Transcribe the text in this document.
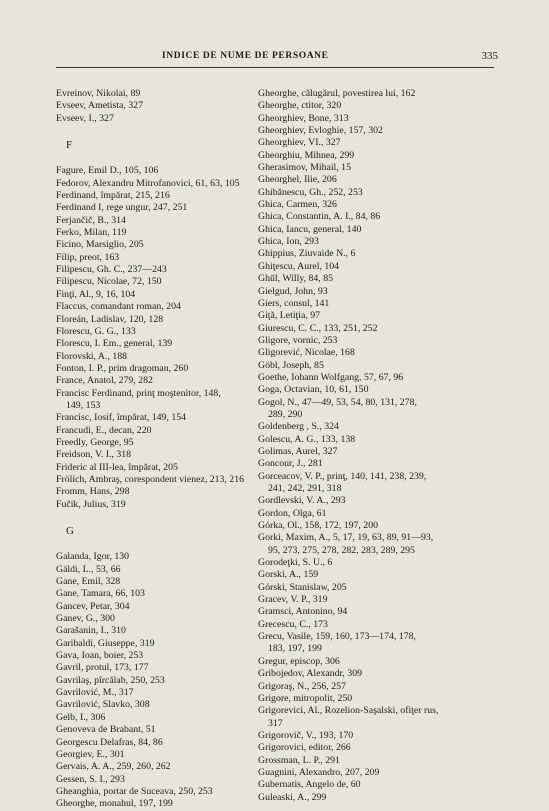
INDICE DE NUME DE PERSOANE	335
Evreinov, Nikolai, 89
Evseev, Ametista, 327
Evseev, I., 327
F
Fagure, Emil D., 105, 106
Fedorov, Alexandru Mitrofanovici, 61, 63, 105
Ferdinand, împărat, 215, 216
Ferdinand I, rege ungur, 247, 251
Ferjančič, B., 314
Ferko, Milan, 119
Ficino, Marsiglio, 205
Filip, preot, 163
Filipescu, Gh. C., 237—243
Filipescu, Nicolae, 72, 150
Finţi, Al., 9, 16, 104
Flaccus, comandant roman, 204
Floreán, Ladislav, 120, 128
Florescu, G. G., 133
Florescu, I. Em., general, 139
Florovski, A., 188
Fonton, I. P., prim dragoman, 260
France, Anatol, 279, 282
Francisc Ferdinand, prinţ moştenitor, 148,
149, 153
Francisc, Iosif, împărat, 149, 154
Francudi, E., decan, 220
Freedly, George, 95
Freidson, V. I., 318
Frideric al III-lea, împărat, 205
Frölich, Ambraş, corespondent vienez, 213, 216
Fromm, Hans, 298
Fučik, Julius, 319
G
Galanda, Igor, 130
Gáldi, L., 53, 66
Gane, Emil, 328
Gane, Tamara, 66, 103
Gancev, Petar, 304
Ganev, G., 300
Garašanin, I., 310
Garibaldi, Giuseppe, 319
Gava, Ioan, boier, 253
Gavril, protul, 173, 177
Gavrilaş, pîrcălab, 250, 253
Gavrilović, M., 317
Gavrilović, Slavko, 308
Gelb, I., 306
Genoveva de Brabant, 51
Georgescu Delafras, 84, 86
Georgiev, E., 301
Gervais, A. A., 259, 260, 262
Gessen, S. I., 293
Gheanghia, portar de Suceava, 250, 253
Gheorghe, monahul, 197, 199
Gheorghe, călugărul, povestirea lui, 162
Gheorghe, ctitor, 320
Gheorghiev, Bone, 313
Gheorghiev, Evloghie, 157, 302
Gheorghiev, VI., 327
Gheorghiu, Mihnea, 299
Gherasimov, Mihail, 15
Gheorghel, Ilie, 206
Ghibănescu, Gh., 252, 253
Ghica, Carmen, 326
Ghica, Constantin, A. I., 84, 86
Ghica, Iancu, general, 140
Ghica, Ion, 293
Ghippius, Ziuvaide N., 6
Ghiţescu, Aurel, 104
Ghŭl, Willy, 84, 85
Gielgud, John, 93
Giers, consul, 141
Giţă, Letiţia, 97
Giurescu, C. C., 133, 251, 252
Gligore, vornic, 253
Gligorević, Nicolae, 168
Göbl, Joseph, 85
Goethe, Iohann Wolfgang, 57, 67, 96
Goga, Octavian, 10, 61, 150
Gogol, N., 47—49, 53, 54, 80, 131, 278,
289, 290
Goldenberg , S., 324
Golescu, A. G., 133, 138
Golimas, Aurel, 327
Goncour, J., 281
Gorceacov, V. P., prinţ, 140, 141, 238, 239,
241, 242, 291, 318
Gordlevski, V. A., 293
Gordon, Olga, 61
Górka, Ol., 158, 172, 197, 200
Gorki, Maxim, A., 5, 17, 19, 63, 89, 91—93,
95, 273, 275, 278, 282, 283, 289, 295
Gorodeţki, S. U., 6
Gorski, A., 159
Górski, Stanislaw, 205
Gracev, V. P., 319
Gramsci, Antonino, 94
Grecescu, C., 173
Grecu, Vasile, 159, 160, 173—174, 178,
183, 197, 199
Gregur, episcop, 306
Gribojedov, Alexandr, 309
Grigoraş, N., 256, 257
Grigore, mitropolit, 250
Grigorevici, Al., Rozelion-Saşalski, ofiţer rus,
317
Grigorovič, V., 193, 170
Grigorovici, editor, 266
Grossman, L. P., 291
Guagnini, Alexandro, 207, 209
Gubernatis, Angelo de, 60
Guleaski, A., 299
